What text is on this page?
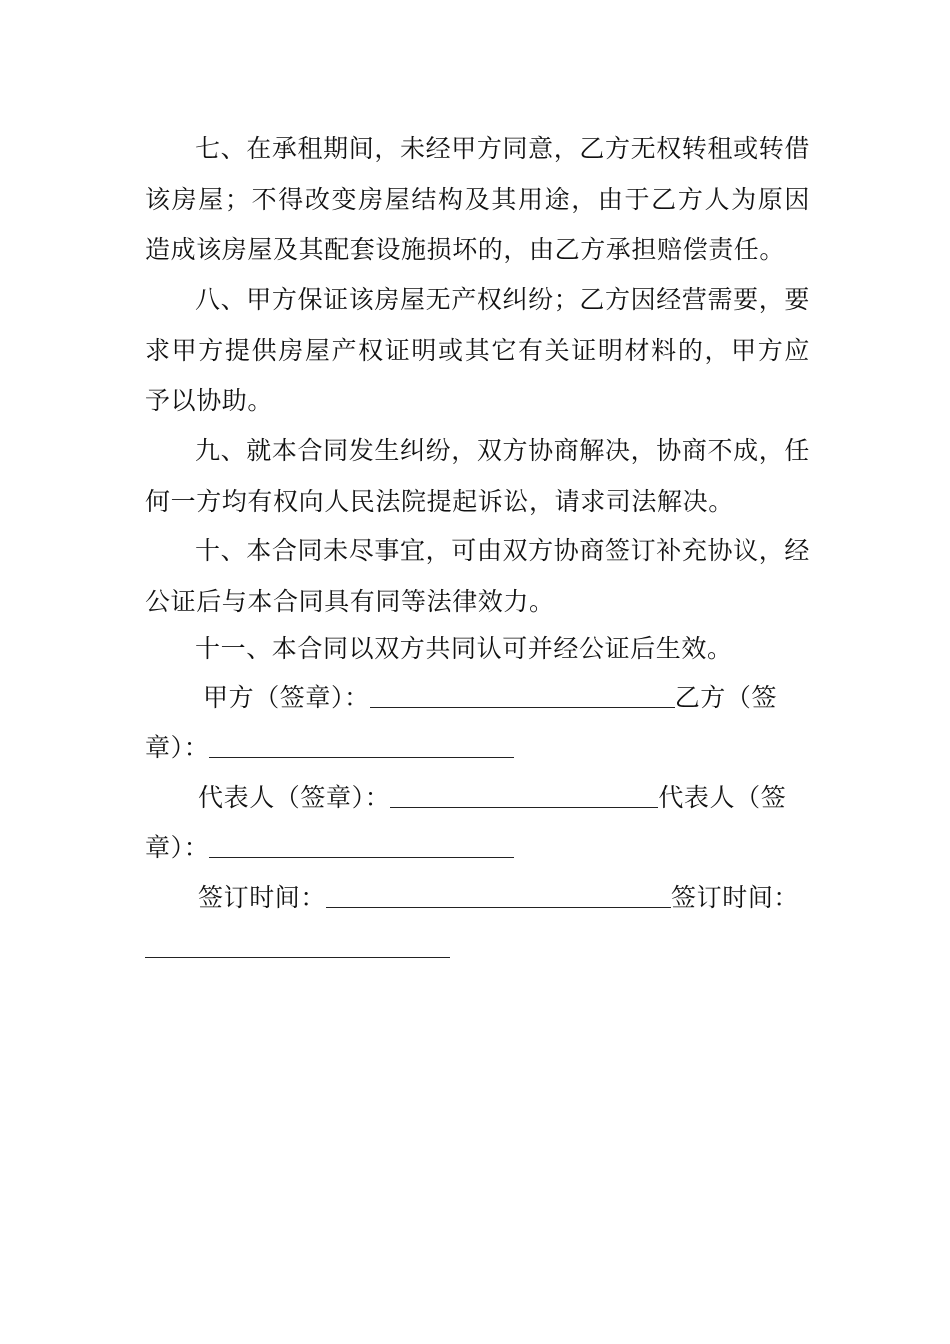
七、在承租期间，未经甲方同意，乙方无权转租或转借该房屋；不得改变房屋结构及其用途，由于乙方人为原因造成该房屋及其配套设施损坏的，由乙方承担赔偿责任。

八、甲方保证该房屋无产权纠纷；乙方因经营需要，要求甲方提供房屋产权证明或其它有关证明材料的，甲方应予以协助。

九、就本合同发生纠纷，双方协商解决，协商不成，任何一方均有权向人民法院提起诉讼，请求司法解决。

十、本合同未尽事宜，可由双方协商签订补充协议，经公证后与本合同具有同等法律效力。

十一、本合同以双方共同认可并经公证后生效。

甲方（签章）：	乙方（签
章）：
代表人（签章）：	代表人（签
章）：
签订时间：	签订时间：
